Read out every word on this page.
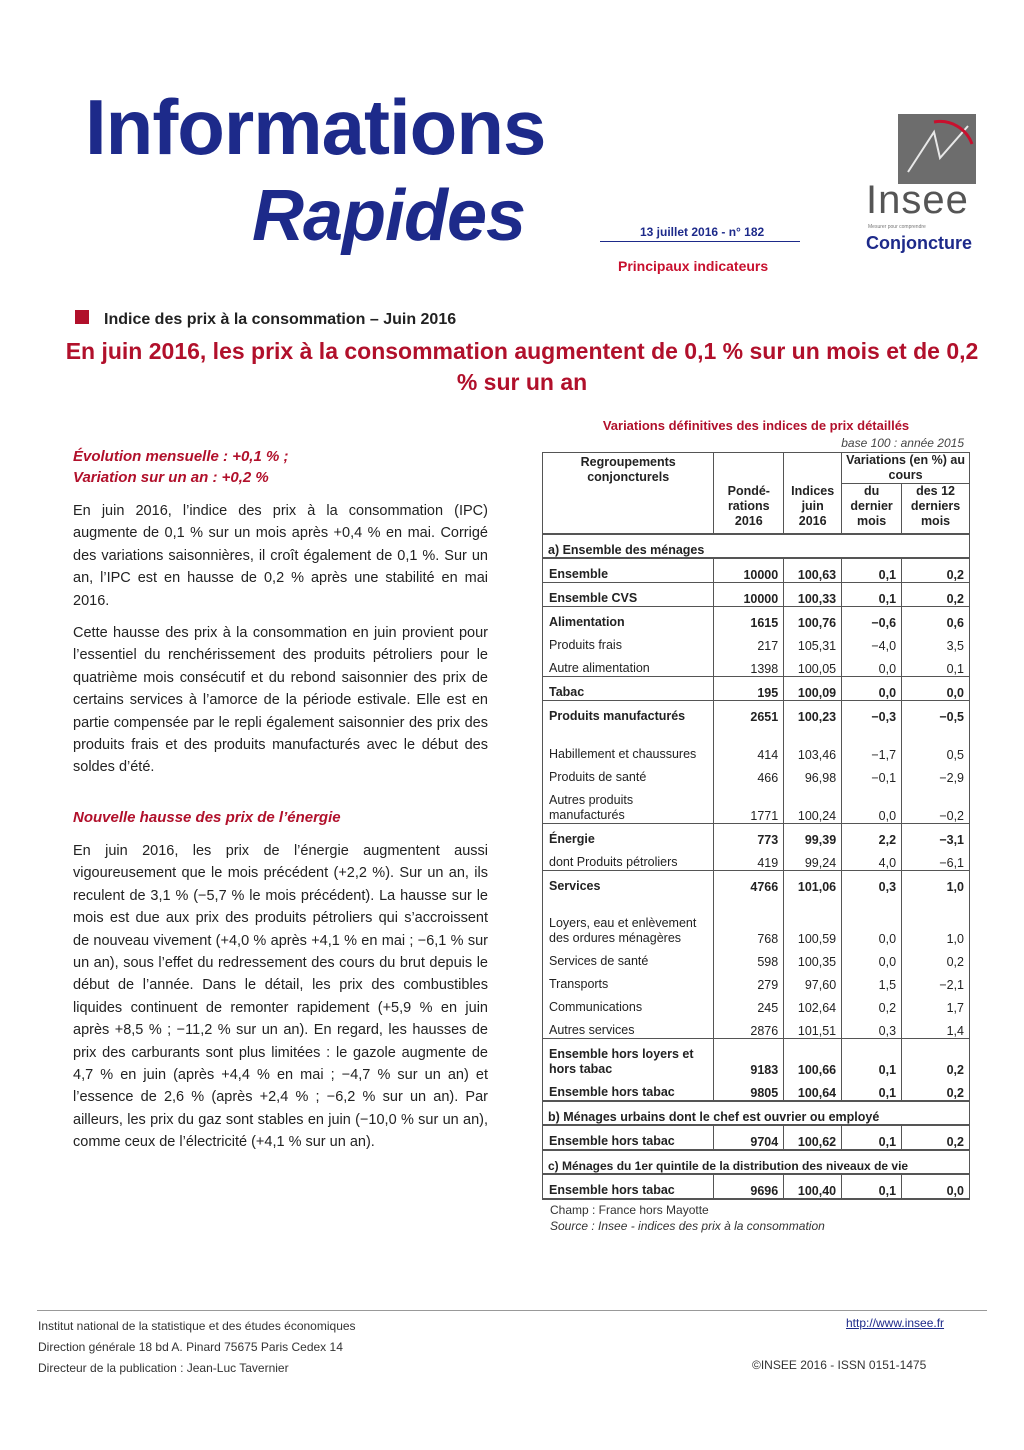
Informations
Rapides	13 juillet 2016 - n° 182
Principaux indicateurs
Insee
Mesurer pour comprendre
Conjoncture
Indice des prix à la consommation – Juin 2016
En juin 2016, les prix à la consommation augmentent de 0,1 % sur un mois et de 0,2 % sur un an
Évolution mensuelle : +0,1 % ;
Variation sur un an : +0,2 %

En juin 2016, l’indice des prix à la consommation (IPC) augmente de 0,1 % sur un mois après +0,4 % en mai. Corrigé des variations saisonnières, il croît également de 0,1 %. Sur un an, l’IPC est en hausse de 0,2 % après une stabilité en mai 2016.

Cette hausse des prix à la consommation en juin provient pour l’essentiel du renchérissement des produits pétroliers pour le quatrième mois consécutif et du rebond saisonnier des prix de certains services à l’amorce de la période estivale. Elle est en partie compensée par le repli également saisonnier des prix des produits frais et des produits manufacturés avec le début des soldes d’été.

Nouvelle hausse des prix de l’énergie

En juin 2016, les prix de l’énergie augmentent aussi vigoureusement que le mois précédent (+2,2 %). Sur un an, ils reculent de 3,1 % (−5,7 % le mois précédent). La hausse sur le mois est due aux prix des produits pétroliers qui s’accroissent de nouveau vivement (+4,0 % après +4,1 % en mai ; −6,1 % sur un an), sous l’effet du redressement des cours du brut depuis le début de l’année. Dans le détail, les prix des combustibles liquides continuent de remonter rapidement (+5,9 % en juin après +8,5 % ; −11,2 % sur un an). En regard, les hausses de prix des carburants sont plus limitées : le gazole augmente de 4,7 % en juin (après +4,4 % en mai ; −4,7 % sur un an) et l’essence de 2,6 % (après +2,4 % ; −6,2 % sur un an). Par ailleurs, les prix du gaz sont stables en juin (−10,0 % sur un an), comme ceux de l’électricité (+4,1 % sur un an).

Variations définitives des indices de prix détaillés
base 100 : année 2015
Regroupements conjoncturels	Pondé-rations 2016	Indices juin 2016	Variations (en %) au cours	
			du dernier mois	des 12 derniers mois
a) Ensemble des ménages				
Ensemble	10000	100,63	0,1	0,2
Ensemble CVS	10000	100,33	0,1	0,2
Alimentation	1615	100,76	−0,6	0,6
Produits frais	217	105,31	−4,0	3,5
Autre alimentation	1398	100,05	0,0	0,1
Tabac	195	100,09	0,0	0,0
Produits manufacturés	2651	100,23	−0,3	−0,5
Habillement et chaussures	414	103,46	−1,7	0,5
Produits de santé	466	96,98	−0,1	−2,9
Autres produits manufacturés	1771	100,24	0,0	−0,2
Énergie	773	99,39	2,2	−3,1
dont Produits pétroliers	419	99,24	4,0	−6,1
Services	4766	101,06	0,3	1,0
Loyers, eau et enlèvement des ordures ménagères	768	100,59	0,0	1,0
Services de santé	598	100,35	0,0	0,2
Transports	279	97,60	1,5	−2,1
Communications	245	102,64	0,2	1,7
Autres services	2876	101,51	0,3	1,4
Ensemble hors loyers et hors tabac	9183	100,66	0,1	0,2
Ensemble hors tabac	9805	100,64	0,1	0,2
b) Ménages urbains dont le chef est ouvrier ou employé				
Ensemble hors tabac	9704	100,62	0,1	0,2
c) Ménages du 1er quintile de la distribution des niveaux de vie				
Ensemble hors tabac	9696	100,40	0,1	0,0
Champ : France hors Mayotte
Source : Insee - indices des prix à la consommation
Institut national de la statistique et des études économiques
Direction générale 18 bd A. Pinard 75675 Paris Cedex 14
Directeur de la publication : Jean-Luc Tavernier
http://www.insee.fr
©INSEE 2016 - ISSN 0151-1475
